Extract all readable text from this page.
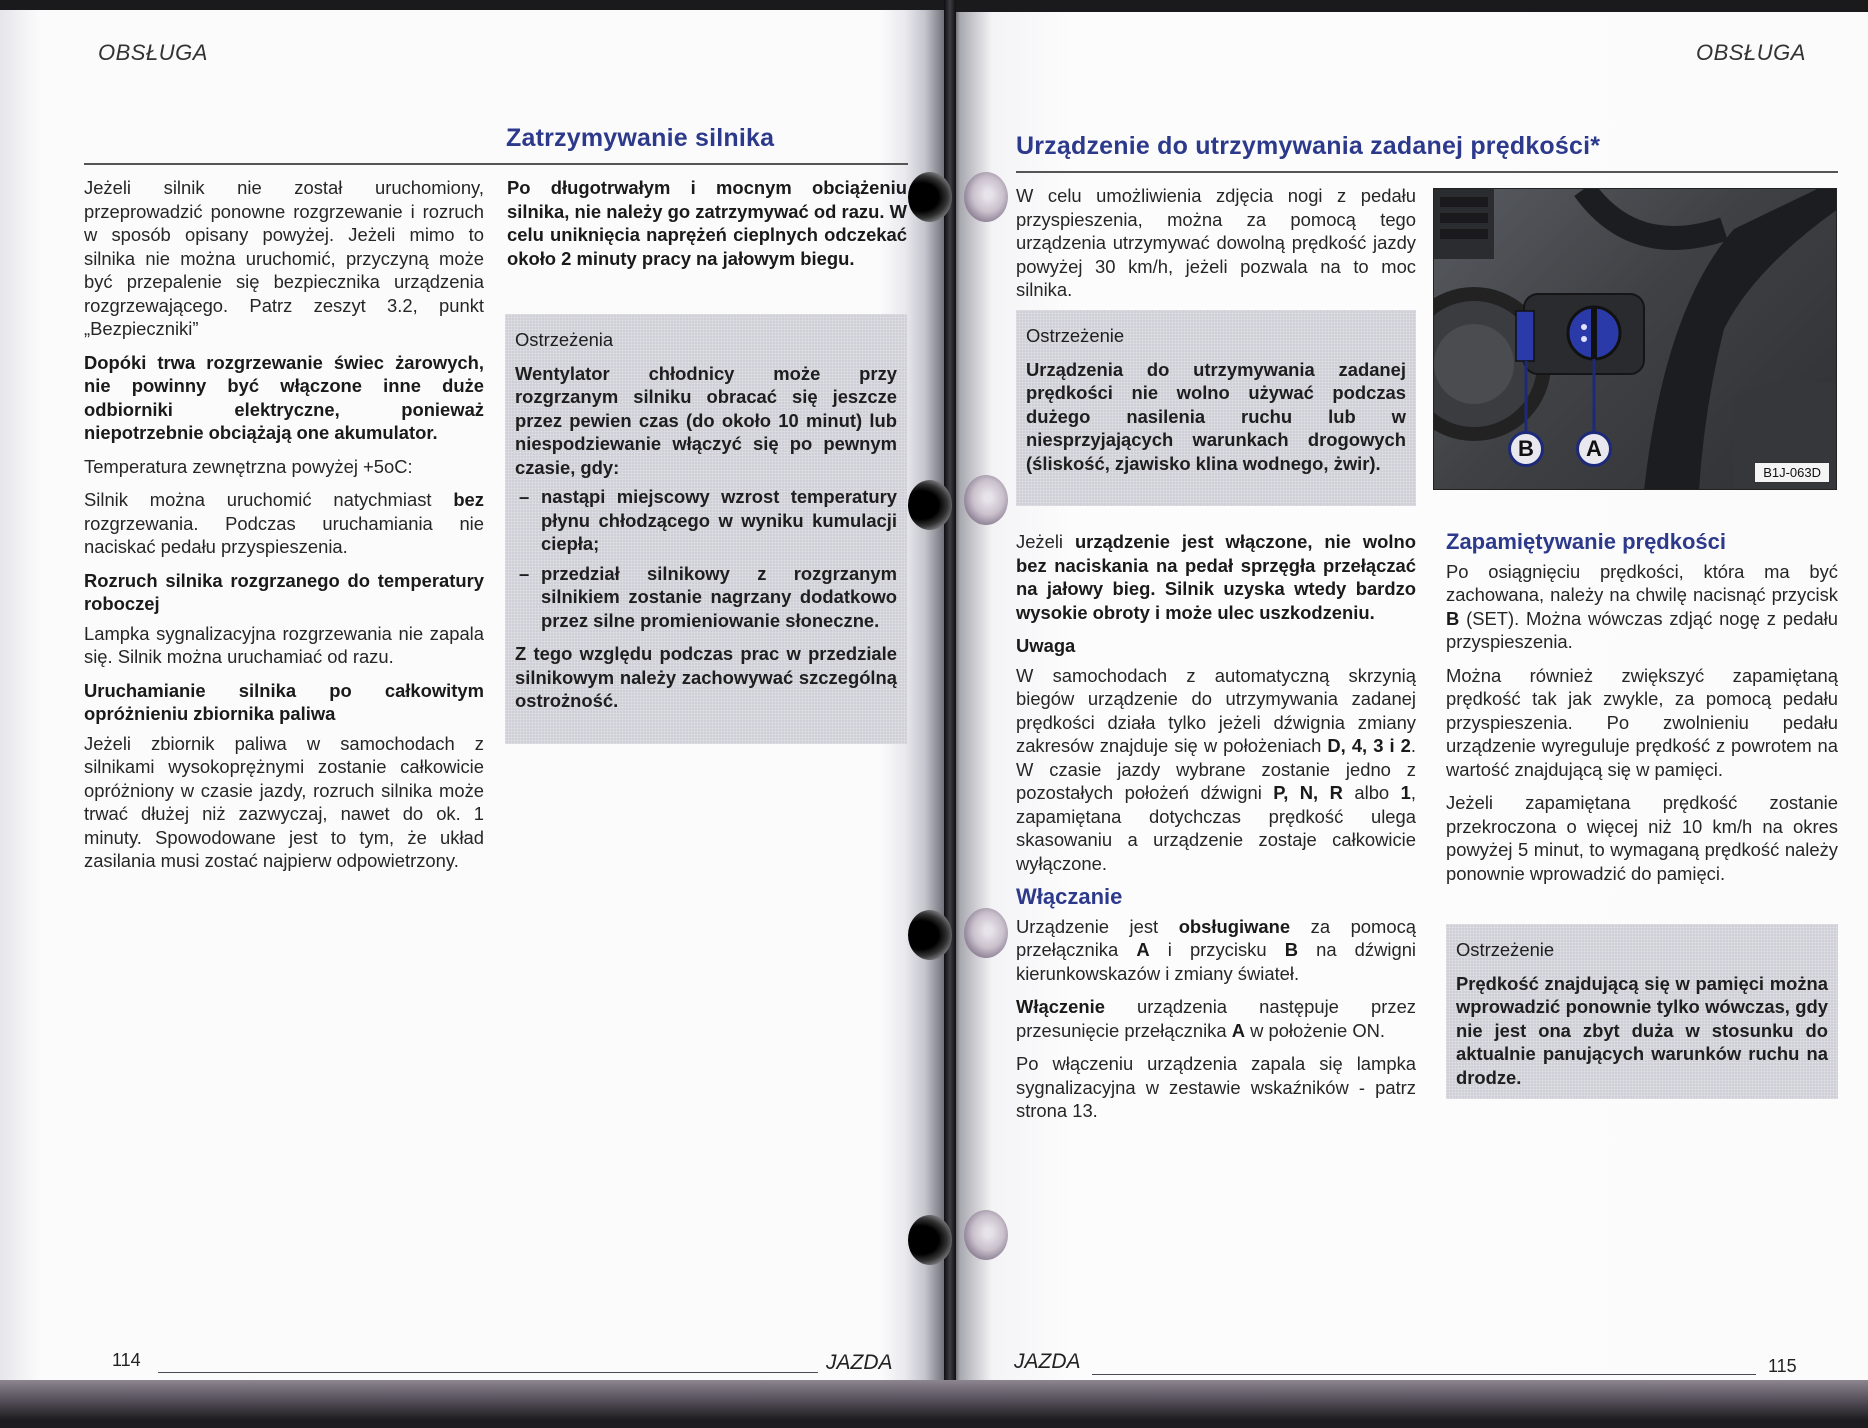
OBSŁUGA
Zatrzymywanie silnika

Jeżeli silnik nie został uruchomiony, przeprowadzić ponowne rozgrzewanie i rozruch w sposób opisany powyżej. Jeżeli mimo to silnika nie można uruchomić, przyczyną może być przepalenie się bezpiecznika urządzenia rozgrzewającego. Patrz zeszyt 3.2, punkt „Bezpieczniki”

Dopóki trwa rozgrzewanie świec żarowych, nie powinny być włączone inne duże odbiorniki elektryczne, ponieważ niepotrzebnie obciążają one akumulator.

Temperatura zewnętrzna powyżej +5oC:

Silnik można uruchomić natychmiast bez rozgrzewania. Podczas uruchamiania nie naciskać pedału przyspieszenia.

Rozruch silnika rozgrzanego do temperatury roboczej

Lampka sygnalizacyjna rozgrzewania nie zapala się. Silnik można uruchamiać od razu.

Uruchamianie silnika po całkowitym opróżnieniu zbiornika paliwa

Jeżeli zbiornik paliwa w samochodach z silnikami wysokoprężnymi zostanie całkowicie opróżniony w czasie jazdy, rozruch silnika może trwać dłużej niż zazwyczaj, nawet do ok. 1 minuty. Spowodowane jest to tym, że układ zasilania musi zostać najpierw odpowietrzony.

Po długotrwałym i mocnym obciążeniu silnika, nie należy go zatrzymywać od razu. W celu uniknięcia naprężeń cieplnych odczekać około 2 minuty pracy na jałowym biegu.

Ostrzeżenia
Wentylator chłodnicy może przy rozgrzanym silniku obracać się jeszcze przez pewien czas (do około 10 minut) lub niespodziewanie włączyć się po pewnym czasie, gdy:
– nastąpi miejscowy wzrost temperatury płynu chłodzącego w wyniku kumulacji ciepła;
– przedział silnikowy z rozgrzanym silnikiem zostanie nagrzany dodatkowo przez silne promieniowanie słoneczne.
Z tego względu podczas prac w przedziale silnikowym należy zachowywać szczególną ostrożność.
114	JAZDA
OBSŁUGA
Urządzenie do utrzymywania zadanej prędkości*

W celu umożliwienia zdjęcia nogi z pedału przyspieszenia, można za pomocą tego urządzenia utrzymywać dowolną prędkość jazdy powyżej 30 km/h, jeżeli pozwala na to moc silnika.

Ostrzeżenie
Urządzenia do utrzymywania zadanej prędkości nie wolno używać podczas dużego nasilenia ruchu lub w niesprzyjających warunkach drogowych (śliskość, zjawisko klina wodnego, żwir).

Jeżeli urządzenie jest włączone, nie wolno bez naciskania na pedał sprzęgła przełączać na jałowy bieg. Silnik uzyska wtedy bardzo wysokie obroty i może ulec uszkodzeniu.

Uwaga

W samochodach z automatyczną skrzynią biegów urządzenie do utrzymywania zadanej prędkości działa tylko jeżeli dźwignia zmiany zakresów znajduje się w położeniach D, 4, 3 i 2. W czasie jazdy wybrane zostanie jedno z pozostałych położeń dźwigni P, N, R albo 1, zapamiętana dotychczas prędkość ulega skasowaniu a urządzenie zostaje całkowicie wyłączone.

Włączanie

Urządzenie jest obsługiwane za pomocą przełącznika A i przycisku B na dźwigni kierunkowskazów i zmiany świateł.

Włączenie urządzenia następuje przez przesunięcie przełącznika A w położenie ON.

Po włączeniu urządzenia zapala się lampka sygnalizacyjna w zestawie wskaźników - patrz strona 13.

B	A
B1J-063D
Zapamiętywanie prędkości

Po osiągnięciu prędkości, która ma być zachowana, należy na chwilę nacisnąć przycisk B (SET). Można wówczas zdjąć nogę z pedału przyspieszenia.

Można również zwiększyć zapamiętaną prędkość tak jak zwykle, za pomocą pedału przyspieszenia. Po zwolnieniu pedału urządzenie wyreguluje prędkość z powrotem na wartość znajdującą się w pamięci.

Jeżeli zapamiętana prędkość zostanie przekroczona o więcej niż 10 km/h na okres powyżej 5 minut, to wymaganą prędkość należy ponownie wprowadzić do pamięci.

Ostrzeżenie
Prędkość znajdującą się w pamięci można wprowadzić ponownie tylko wówczas, gdy nie jest ona zbyt duża w stosunku do aktualnie panujących warunków ruchu na drodze.
JAZDA	115
